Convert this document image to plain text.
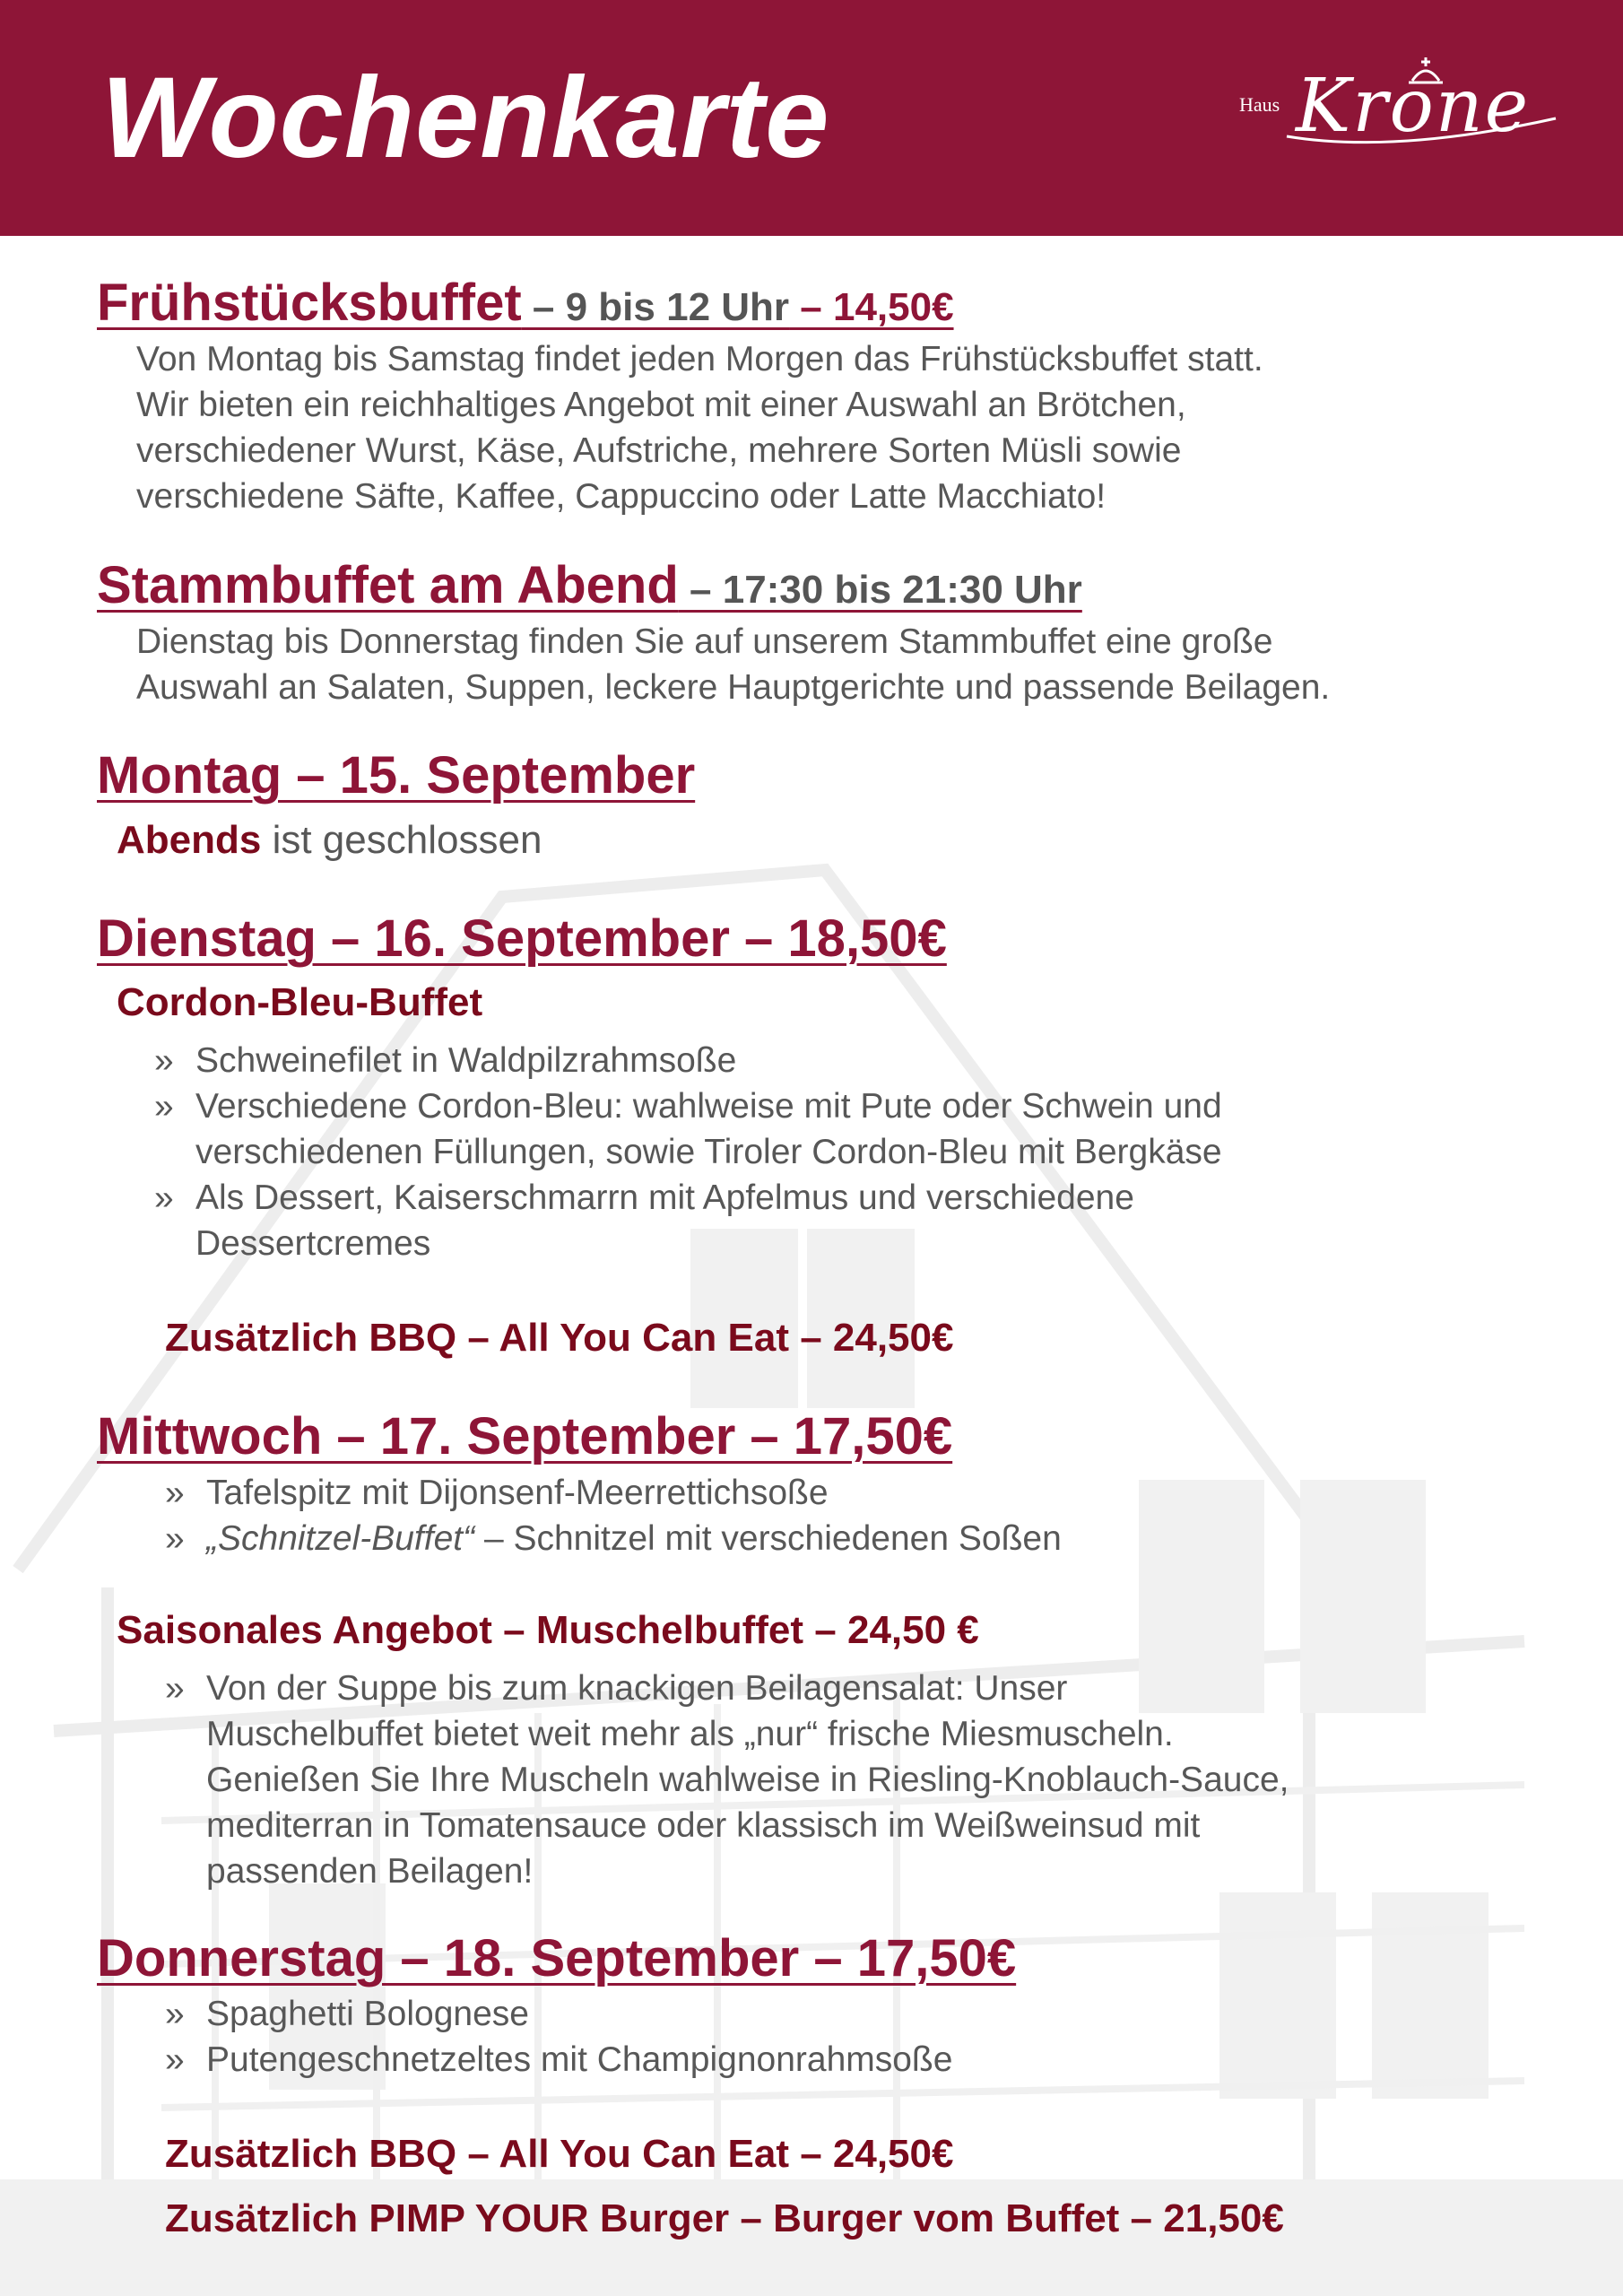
Wochenkarte	Haus Krone
Frühstücksbuffet – 9 bis 12 Uhr – 14,50€
Von Montag bis Samstag findet jeden Morgen das Frühstücksbuffet statt.
Wir bieten ein reichhaltiges Angebot mit einer Auswahl an Brötchen,
verschiedener Wurst, Käse, Aufstriche, mehrere Sorten Müsli sowie
verschiedene Säfte, Kaffee, Cappuccino oder Latte Macchiato!
Stammbuffet am Abend – 17:30 bis 21:30 Uhr
Dienstag bis Donnerstag finden Sie auf unserem Stammbuffet eine große
Auswahl an Salaten, Suppen, leckere Hauptgerichte und passende Beilagen.
Montag – 15. September
Abends ist geschlossen
Dienstag – 16. September – 18,50€
Cordon-Bleu-Buffet
» Schweinefilet in Waldpilzrahmsoße
» Verschiedene Cordon-Bleu: wahlweise mit Pute oder Schwein und
verschiedenen Füllungen, sowie Tiroler Cordon-Bleu mit Bergkäse
» Als Dessert, Kaiserschmarrn mit Apfelmus und verschiedene
Dessertcremes
Zusätzlich BBQ – All You Can Eat – 24,50€
Mittwoch – 17. September – 17,50€
» Tafelspitz mit Dijonsenf-Meerrettichsoße
» „Schnitzel-Buffet“ – Schnitzel mit verschiedenen Soßen
Saisonales Angebot – Muschelbuffet – 24,50 €
» Von der Suppe bis zum knackigen Beilagensalat: Unser
Muschelbuffet bietet weit mehr als „nur“ frische Miesmuscheln.
Genießen Sie Ihre Muscheln wahlweise in Riesling-Knoblauch-Sauce,
mediterran in Tomatensauce oder klassisch im Weißweinsud mit
passenden Beilagen!
Donnerstag – 18. September – 17,50€
» Spaghetti Bolognese
» Putengeschnetzeltes mit Champignonrahmsoße
Zusätzlich BBQ – All You Can Eat – 24,50€
Zusätzlich PIMP YOUR Burger – Burger vom Buffet – 21,50€
